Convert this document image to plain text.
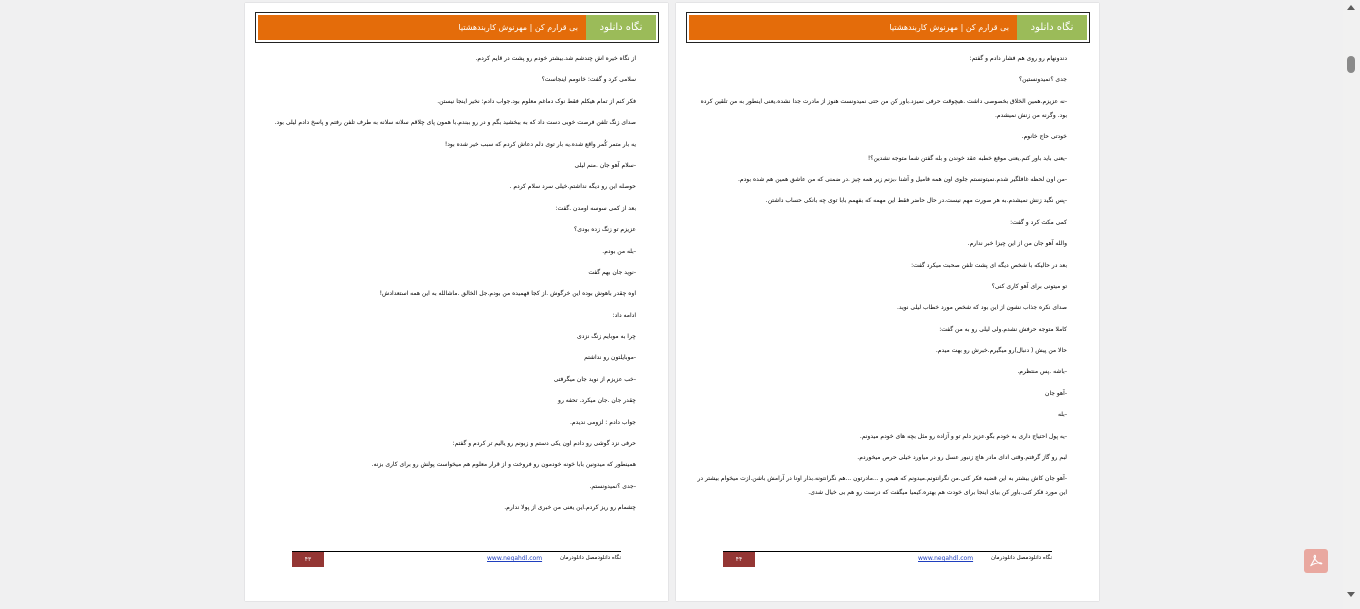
نگاه دانلود
بی قرارم کن | مهرنوش کاربندهشتیا

از نگاه خیره اش چندشم شد.بیشتر خودم رو پشت در قایم کردم.

سلامی کرد و گفت: خانومم اینجاست؟

فکر کنم از تمام هیکلم فقط نوک دماغم معلوم بود.جواب دادم: نخیر اینجا نیستن.

صدای زنگ تلفن فرصت خوبی دست داد که به ببخشید بگم و در رو ببندم.با همون پای چلاقم سلانه سلانه به طرف تلفن رفتم و پاسخ دادم لیلی بود.

یه بار متمر کُمر واقع شده.یه بار توی دلم دعاش کردم که سبب خیر شده بود!

-سلام آهو جان .منم لیلی

حوصله این رو دیگه نداشتم.خیلی سرد سلام کردم .

بعد از کمی سوسه اومدن .گفت:

عزیزم تو زنگ زده بودی؟

-بله من بودم.

-نوید جان بهم گفت

اوه چقدر باهوش بوده این خرگوش .از کجا فهمیده من بودم.جل الخالق .ماشالله به این همه استعدادش!

ادامه داد:

چرا به موبایم زنگ نزدی

-موبایلتون رو نداشتم

-خب عزیزم از نوید جان میگرفتی

چقدر جان .جان میکرد. تحفه رو

جواب دادم : لزومی ندیدم.

حرفی نزد گوشی رو دادم اون یکی دستم و زبونم رو یالیم تر کردم و گفتم:

همینطور که میدونین بابا خونه خودمون رو فروخت و از قرار معلوم هم میخواست پولش رو برای کاری بزنه.

-جدی ؟نمیدونستم.

چشمام رو ریز کردم.این یعنی من خبری از پولا ندارم.

۴۳	www.negahdl.com	نگاه دانلود‌مصل دانلود‌رمان
نگاه دانلود
بی قرارم کن | مهرنوش کاربندهشتیا

دندونهام رو روی هم فشار دادم و گفتم:

جدی ؟نمیدونستین؟

-نه عزیزم.همین الخلاق بخصوصی داشت .هیچوقت حرفی نمیزد.باور کن من حتی نمیدونست هنوز از مادرت جدا نشده.یعنی اینطور به من تلقین کرده بود. وگرنه من زنش نمیشدم.

خودتی حاج خانوم.

-یعنی باید باور کنم.یعنی موقع خطبه عقد خوندن و بله گفتن شما متوجه نشدین؟!

-من اون لحظه غافلگیر شدم.نمیتونستم جلوی اون همه فامیل و آشنا ،بزنم زیر همه چیز .در ضمنی که من عاشق همین هم شده بودم.

-پس نگید زنش نمیشدم.به هر صورت مهم نیست.در حال حاضر فقط این مهمه که بفهمم بابا توی چه بانکی حساب داشتن.

کمی مکث کرد و گفت:

والله آهو جان من از این چیزا خبر ندارم.

بعد در حالیکه با شخص دیگه ای پشت تلفن صحبت میکرد گفت:

تو میتونی برای آهو کاری کنی؟

صدای نکره جذاب نشون از این بود که شخص مورد خطاب لیلی نوید.

کاملا متوجه حرفش نشدم.ولی لیلی رو به من گفت:

حالا من پیش ( دنبال)رو میگیرم.خبرش رو بهت میدم.

-باشه .پس منتظرم.

-آهو جان

-بله

-یه پول احتیاج داری به خودم بگو.عزیز دلم تو و آزاده رو مثل بچه های خودم میدونم.

لبم رو گاز گرفتم.وقتی ادای مادر هاچ زنبور عسل رو در میاورد خیلی حرص میخوردم.

-آهو جان کاش بیشتر به این قضیه فکر کنی.من نگرانتونم.میدونم که هیمن و ...مادرتون ...هم نگرانتونه.بذار اونا در آرامش باشن.ازت میخوام بیشتر در این مورد فکر کنی.باور کن بیای اینجا برای خودت هم بهتره.کیمیا میگفت که درست رو هم بی خیال شدی.

۴۴	www.negahdl.com	نگاه دانلود‌مصل دانلود‌رمان
